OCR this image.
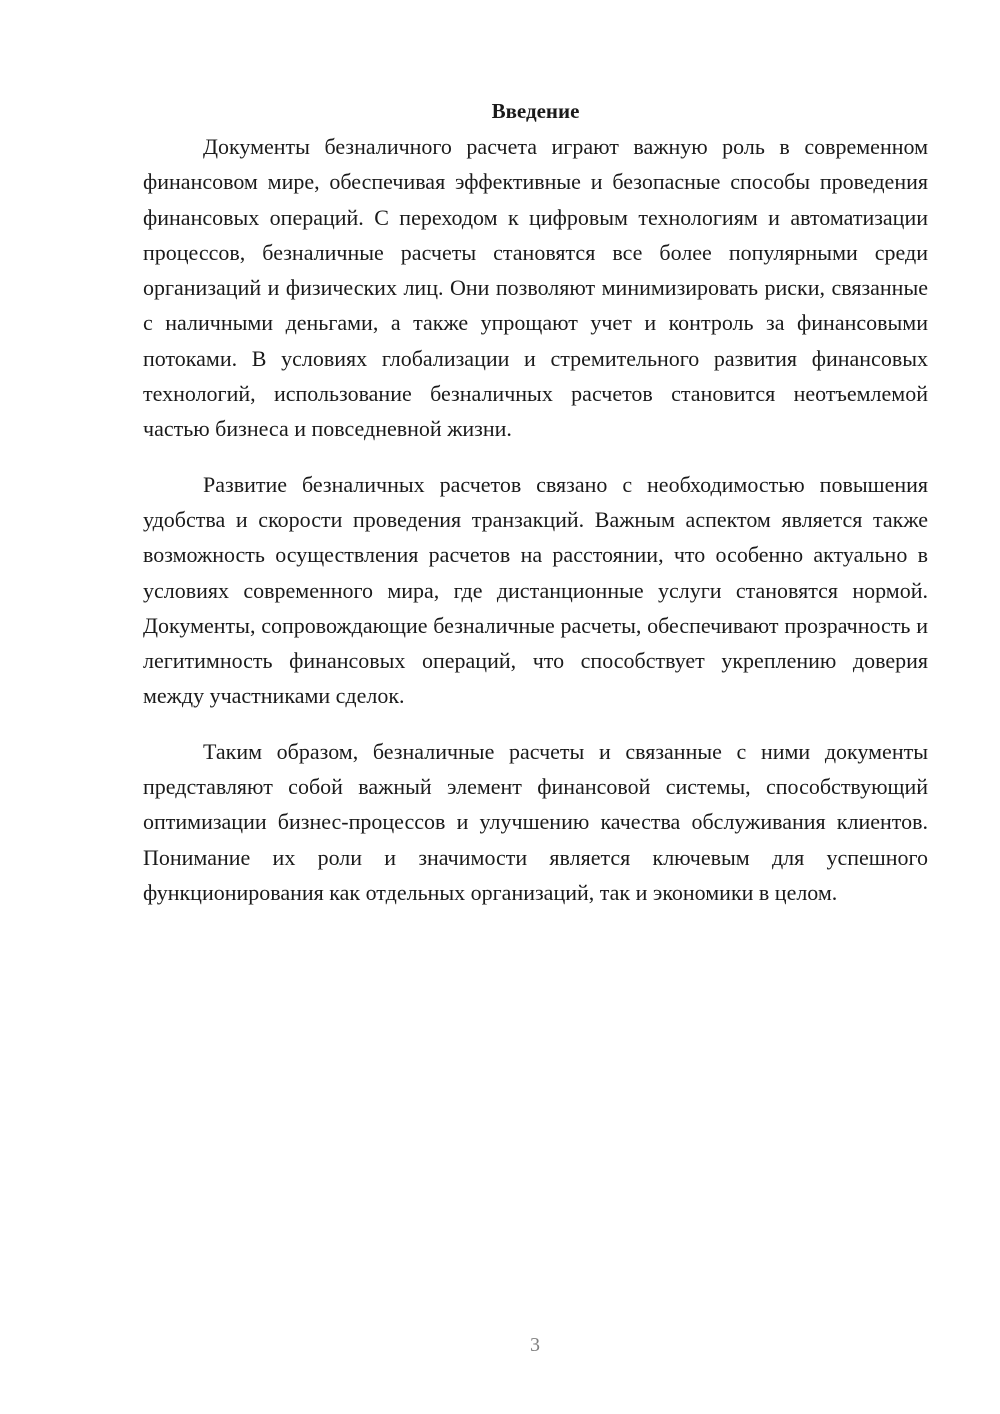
Введение

Документы безналичного расчета играют важную роль в современном финансовом мире, обеспечивая эффективные и безопасные способы проведения финансовых операций. С переходом к цифровым технологиям и автоматизации процессов, безналичные расчеты становятся все более популярными среди организаций и физических лиц. Они позволяют минимизировать риски, связанные с наличными деньгами, а также упрощают учет и контроль за финансовыми потоками. В условиях глобализации и стремительного развития финансовых технологий, использование безналичных расчетов становится неотъемлемой частью бизнеса и повседневной жизни.

Развитие безналичных расчетов связано с необходимостью повышения удобства и скорости проведения транзакций. Важным аспектом является также возможность осуществления расчетов на расстоянии, что особенно актуально в условиях современного мира, где дистанционные услуги становятся нормой. Документы, сопровождающие безналичные расчеты, обеспечивают прозрачность и легитимность финансовых операций, что способствует укреплению доверия между участниками сделок.

Таким образом, безналичные расчеты и связанные с ними документы представляют собой важный элемент финансовой системы, способствующий оптимизации бизнес-процессов и улучшению качества обслуживания клиентов. Понимание их роли и значимости является ключевым для успешного функционирования как отдельных организаций, так и экономики в целом.

3
